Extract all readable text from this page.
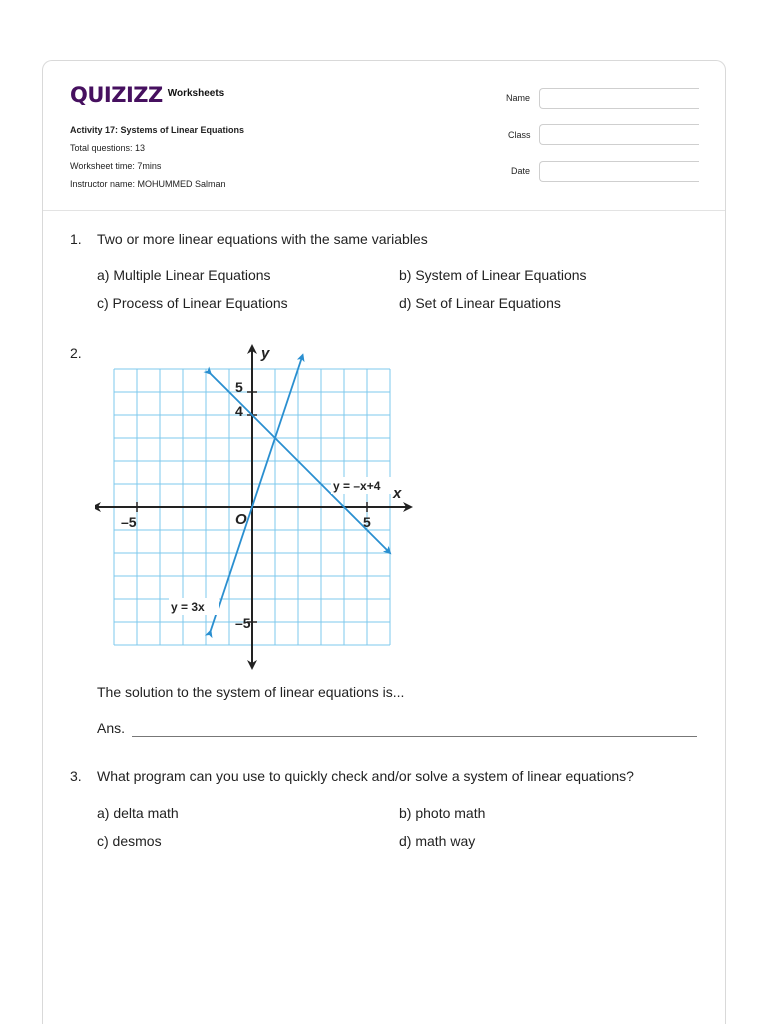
QUIZIZZ Worksheets
Activity 17: Systems of Linear Equations
Total questions: 13
Worksheet time: 7mins
Instructor name: MOHUMMED Salman
Name
Class
Date
1. Two or more linear equations with the same variables
a) Multiple Linear Equations	b) System of Linear Equations
c) Process of Linear Equations	d) Set of Linear Equations
2.	y
x
O
–5	5
5
4
–5
y = –x+4
y = 3x
The solution to the system of linear equations is...
Ans.
3. What program can you use to quickly check and/or solve a system of linear equations?
a) delta math	b) photo math
c) desmos	d) math way
